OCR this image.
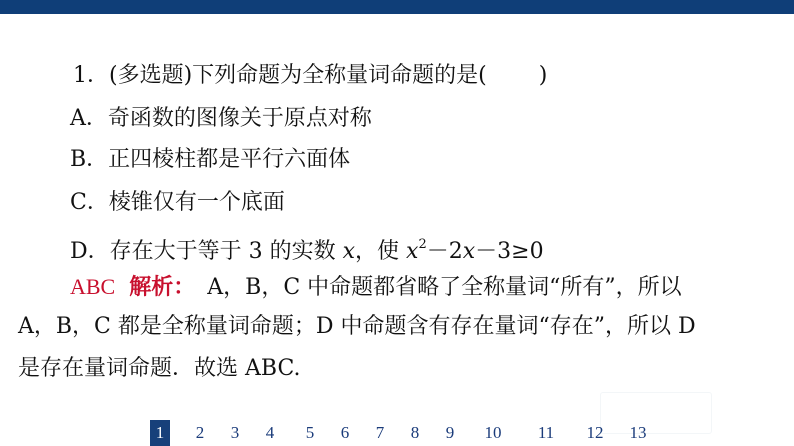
1．(多选题)下列命题为全称量词命题的是( )
A．奇函数的图像关于原点对称
B．正四棱柱都是平行六面体
C．棱锥仅有一个底面
D．存在大于等于 3 的实数 x，使 $x^2-2x-3\ge 0$
ABC 解析： A，B，C 中命题都省略了全称量词“所有”，所以
A，B，C 都是全称量词命题；D 中命题含有存在量词“存在”，所以 D
是存在量词命题．故选 ABC.
1	2	3	4	5	6	7	8	9	10 11 12 13
